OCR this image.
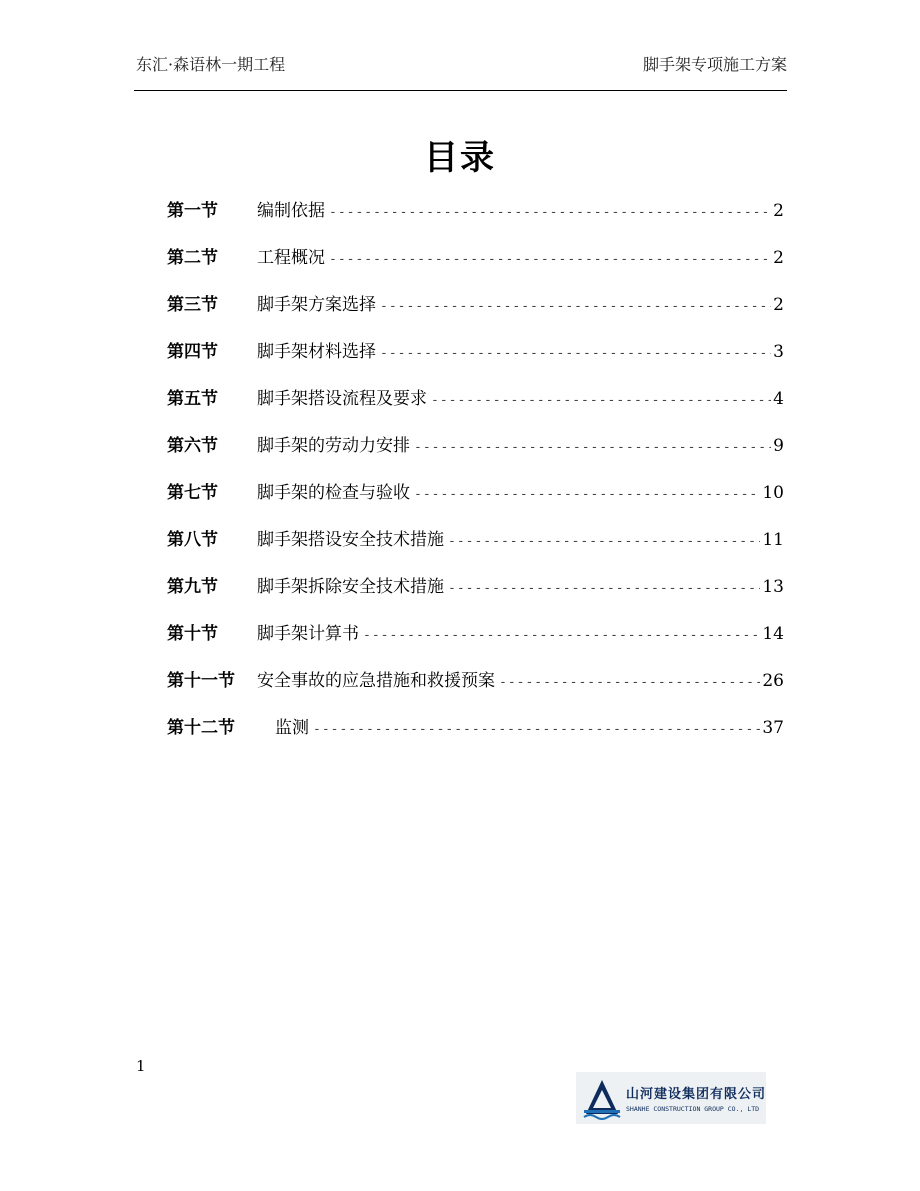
东汇·森语林一期工程	脚手架专项施工方案
目录
第一节	编制依据 -----	2
第二节	工程概况 -----	2
第三节	脚手架方案选择 -----	2
第四节	脚手架材料选择 -----	3
第五节	脚手架搭设流程及要求 -----	4
第六节	脚手架的劳动力安排 -----	9
第七节	脚手架的检查与验收 -----	10
第八节	脚手架搭设安全技术措施 -----	11
第九节	脚手架拆除安全技术措施 -----	13
第十节	脚手架计算书 -----	14
第十一节	安全事故的应急措施和救援预案 -----	26
第十二节	监测 -----	37
1
山河建设集团有限公司
SHANHE CONSTRUCTION GROUP CO., LTD
